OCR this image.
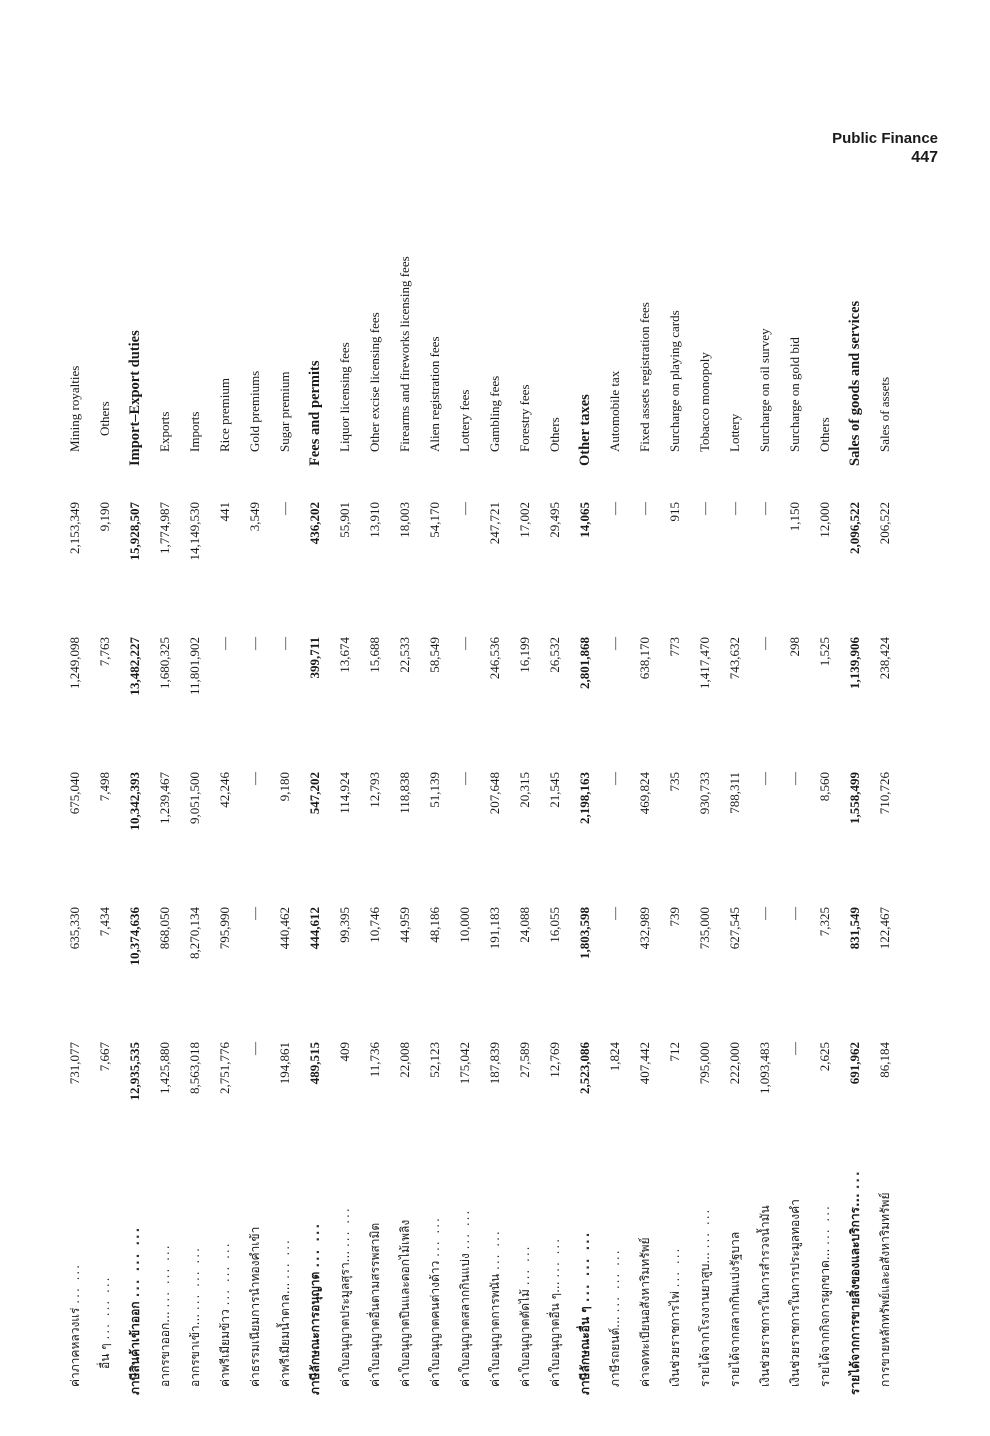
Public Finance
447
ค่าภาคหลวงแร่ ... ...	731,077	635,330	675,040	1,249,098	2,153,349	Mining royalties
อื่น ๆ ... ... ...	7,667	7,434	7,498	7,763	9,190	Others
ภาษีสินค้าเข้าออก ... ... ...	12,935,535	10,374,636	10,342,393	13,482,227	15,928,507	Import–Export duties
อากรขาออก... ... ... ...	1,425,880	868,050	1,239,467	1,680,325	1,774,987	Exports
อากรขาเข้า... ... ... ...	8,563,018	8,270,134	9,051,500	11,801,902	14,149,530	Imports
ค่าพรีเมียมข้าว ... ... ...	2,751,776	795,990	42,246	—	441	Rice premium
ค่าธรรมเนียมการนำทองคำเข้า	—	—	—	—	3,549	Gold premiums
ค่าพรีเมียมน้ำตาล... ... ...	194,861	440,462	9,180	—	—	Sugar premium
ภาษีลักษณะการอนุญาต ... ...	489,515	444,612	547,202	399,711	436,202	Fees and permits
ค่าใบอนุญาตประมูลสุรา... ... ...	409	99,395	114,924	13,674	55,901	Liquor licensing fees
ค่าใบอนุญาตอื่นตามสรรพสามิต	11,736	10,746	12,793	15,688	13,910	Other excise licensing fees
ค่าใบอนุญาตปืนและดอกไม้เพลิง	22,008	44,959	118,838	22,533	18,003	Firearms and fireworks licensing fees
ค่าใบอนุญาตคนต่างด้าว ... ...	52,123	48,186	51,139	58,549	54,170	Alien registration fees
ค่าใบอนุญาตสลากกินแบ่ง ... ...	175,042	10,000	—	—	—	Lottery fees
ค่าใบอนุญาตการพนัน ... ...	187,839	191,183	207,648	246,536	247,721	Gambling fees
ค่าใบอนุญาตตัดไม้ ... ...	27,589	24,088	20,315	16,199	17,002	Forestry fees
ค่าใบอนุญาตอื่น ๆ... ... ...	12,769	16,055	21,545	26,532	29,495	Others
ภาษีลักษณะอื่น ๆ ... ... ...	2,523,086	1,803,598	2,198,163	2,801,868	14,065	Other taxes
ภาษีรถยนต์... ... ... ...	1,824	—	—	—	—	Automobile tax
ค่าจดทะเบียนอสังหาริมทรัพย์	407,442	432,989	469,824	638,170	—	Fixed assets registration fees
เงินช่วยราชการไพ่ ... ...	712	739	735	773	915	Surcharge on playing cards
รายได้จากโรงงานยาสูบ... ... ...	795,000	735,000	930,733	1,417,470	—	Tobacco monopoly
รายได้จากสลากกินแบ่งรัฐบาล	222,000	627,545	788,311	743,632	—	Lottery
เงินช่วยราชการในการสำรวจน้ำมัน	1,093,483	—	—	—	—	Surcharge on oil survey
เงินช่วยราชการในการประมูลทองคำ	—	—	—	298	1,150	Surcharge on gold bid
รายได้จากกิจการผูกขาด... ... ...	2,625	7,325	8,560	1,525	12,000	Others
รายได้จากการขายสิ่งของและบริการ... ...	691,962	831,549	1,558,499	1,139,906	2,096,522	Sales of goods and services
การขายหลักทรัพย์และอสังหาริมทรัพย์	86,184	122,467	710,726	238,424	206,522	Sales of assets
